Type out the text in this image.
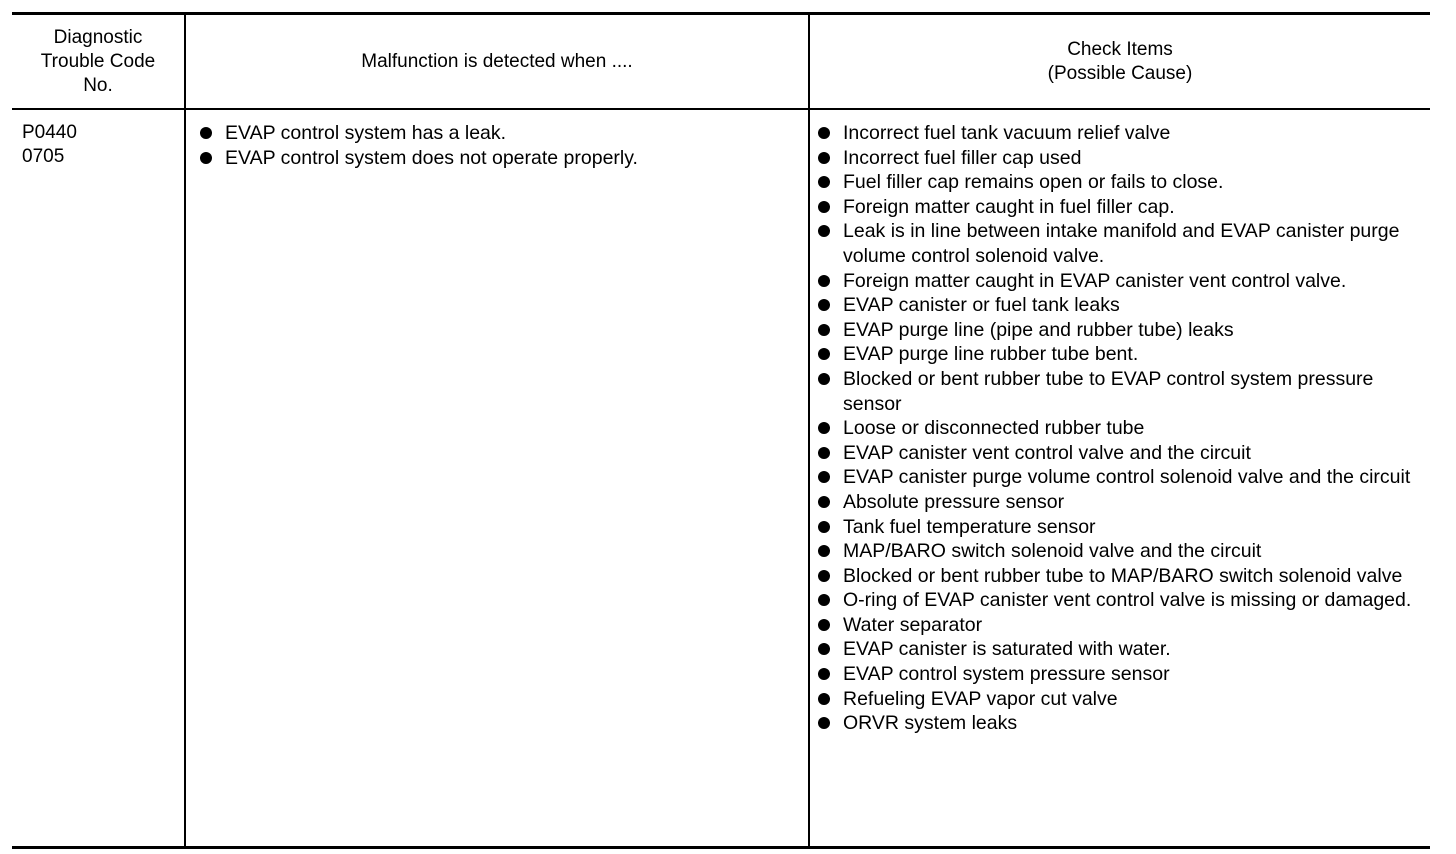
Diagnostic
Trouble Code
No.
Malfunction is detected when ....
Check Items
(Possible Cause)
P0440
0705
EVAP control system has a leak.
EVAP control system does not operate properly.
Incorrect fuel tank vacuum relief valve
Incorrect fuel filler cap used
Fuel filler cap remains open or fails to close.
Foreign matter caught in fuel filler cap.
Leak is in line between intake manifold and EVAP canister purge volume control solenoid valve.
Foreign matter caught in EVAP canister vent control valve.
EVAP canister or fuel tank leaks
EVAP purge line (pipe and rubber tube) leaks
EVAP purge line rubber tube bent.
Blocked or bent rubber tube to EVAP control system pressure sensor
Loose or disconnected rubber tube
EVAP canister vent control valve and the circuit
EVAP canister purge volume control solenoid valve and the circuit
Absolute pressure sensor
Tank fuel temperature sensor
MAP/BARO switch solenoid valve and the circuit
Blocked or bent rubber tube to MAP/BARO switch solenoid valve
O-ring of EVAP canister vent control valve is missing or damaged.
Water separator
EVAP canister is saturated with water.
EVAP control system pressure sensor
Refueling EVAP vapor cut valve
ORVR system leaks
